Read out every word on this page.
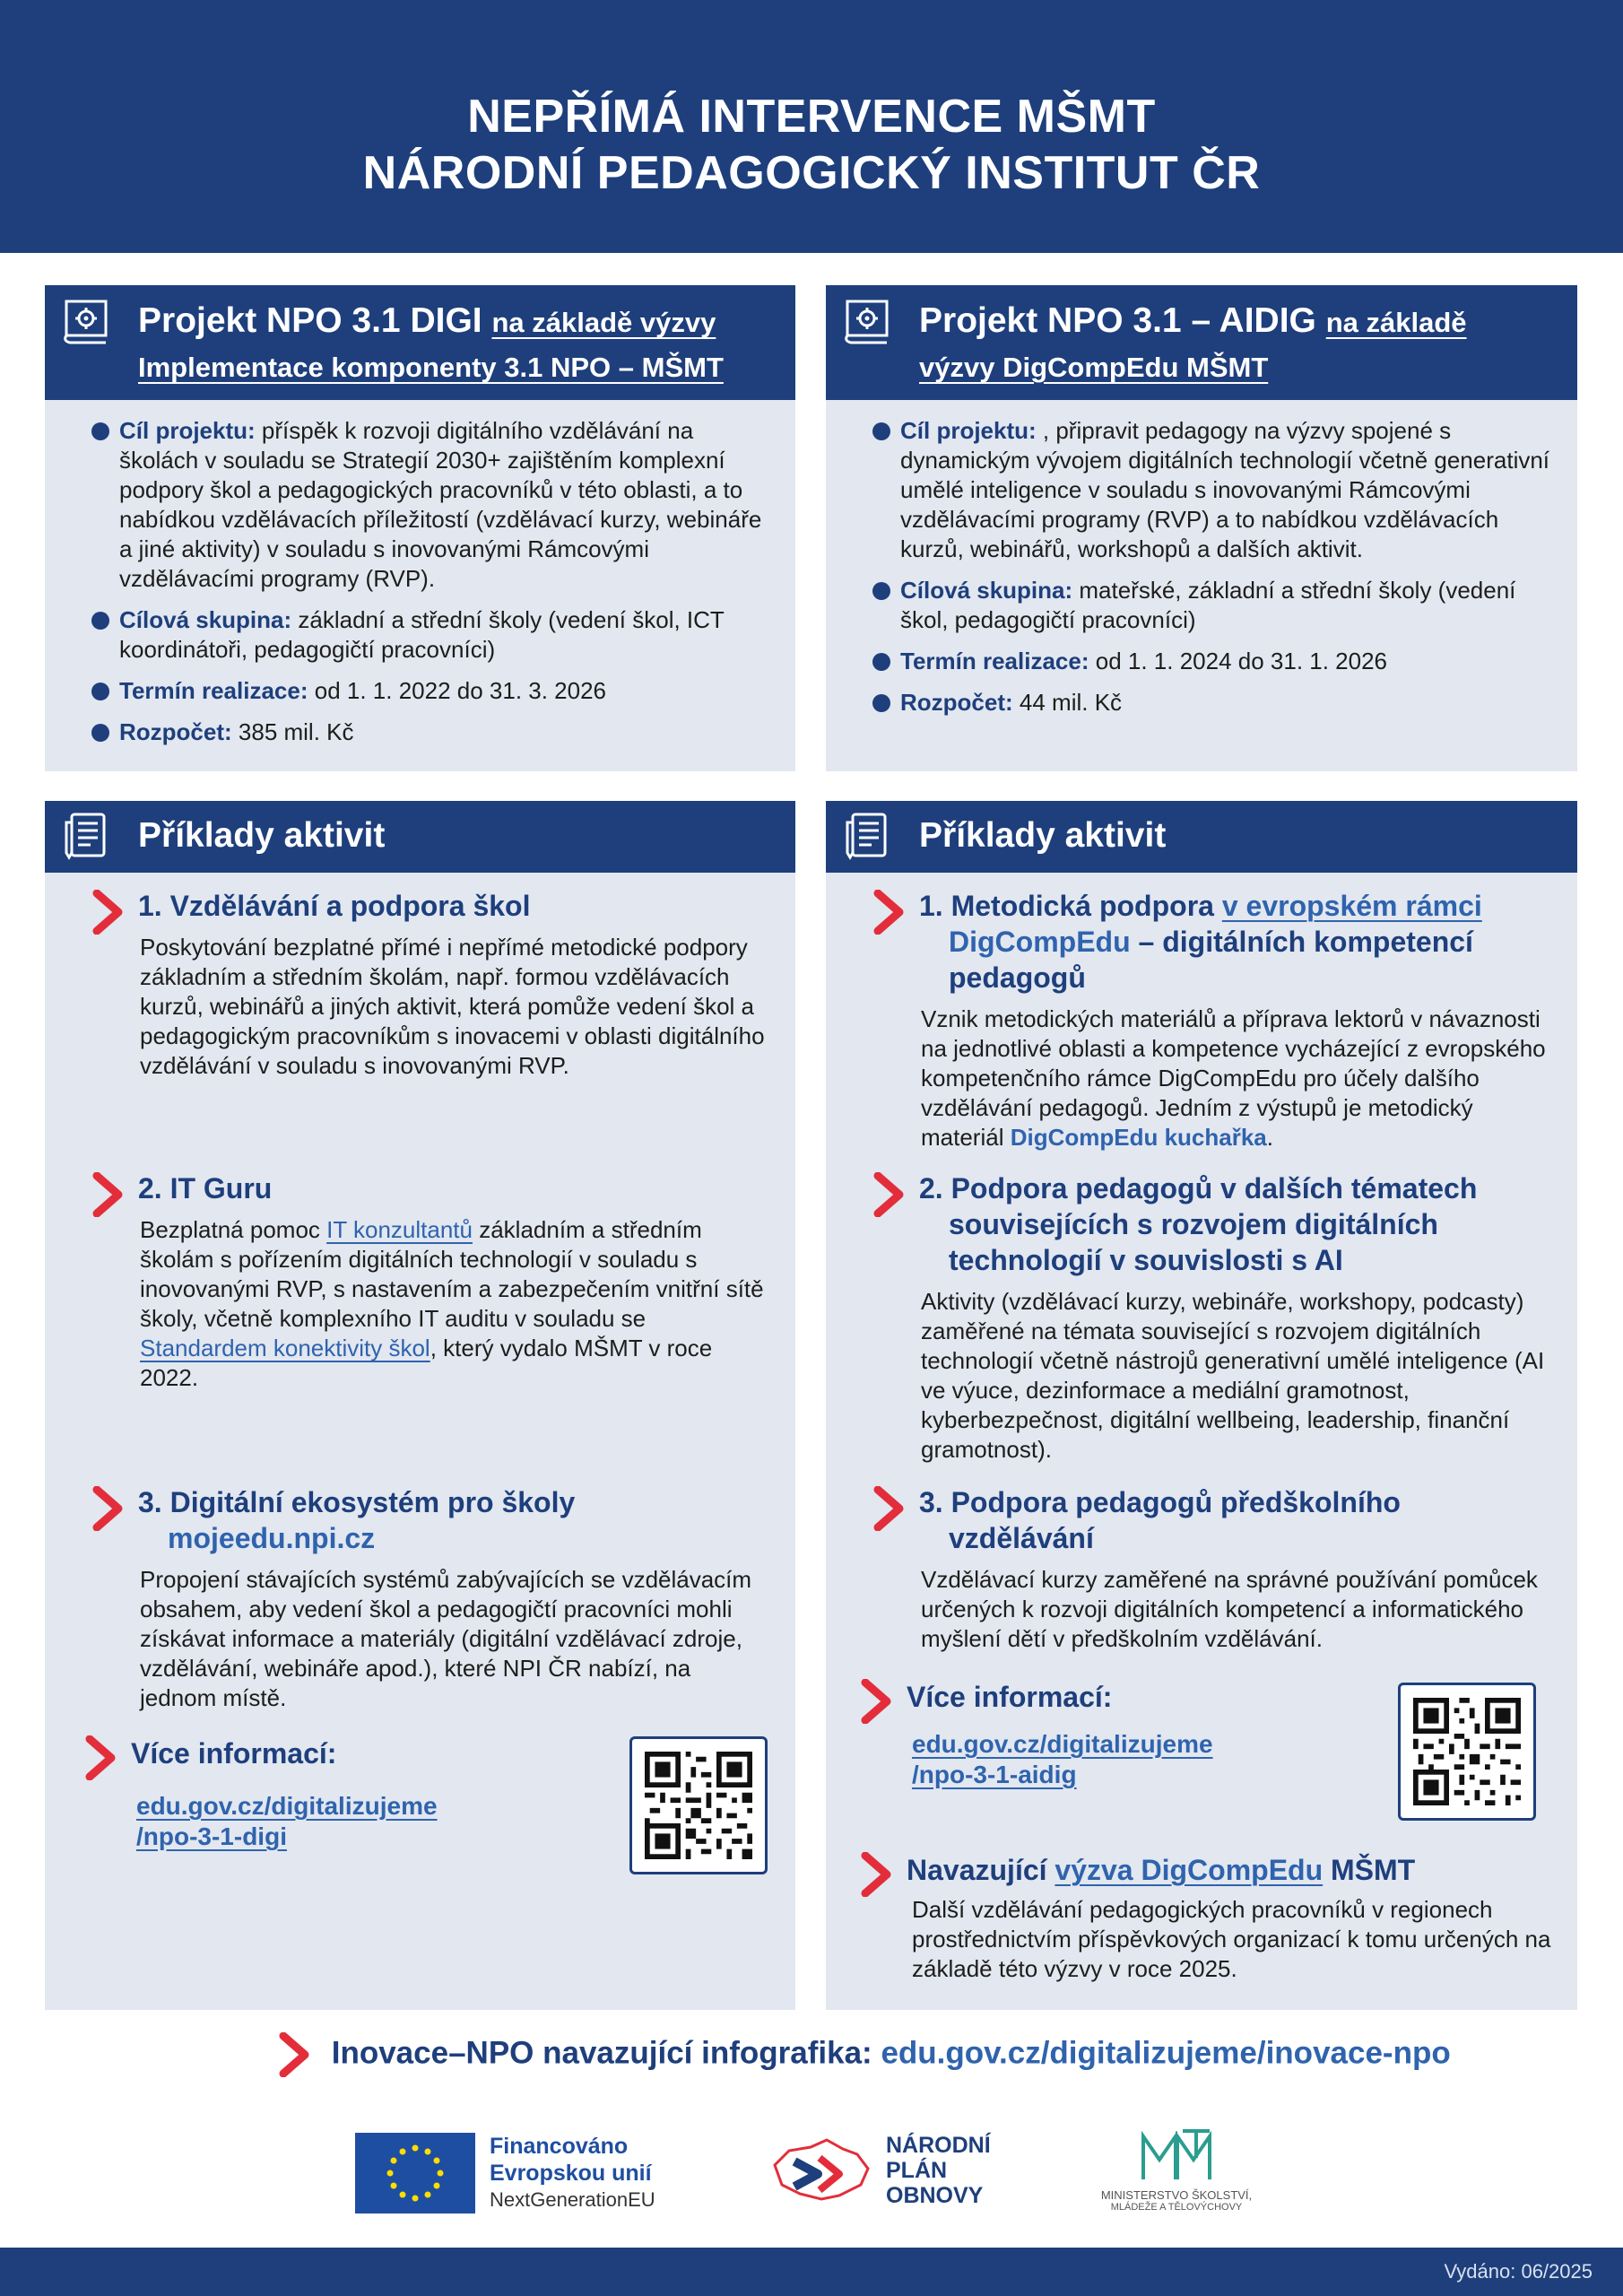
NEPŘÍMÁ INTERVENCE MŠMT
NÁRODNÍ PEDAGOGICKÝ INSTITUT ČR
Projekt NPO 3.1 DIGI na základě výzvy
Implementace komponenty 3.1 NPO – MŠMT
Cíl projektu: příspěk k rozvoji digitálního vzdělávání na školách v souladu se Strategií 2030+ zajištěním komplexní podpory škol a pedagogických pracovníků v této oblasti, a to nabídkou vzdělávacích příležitostí (vzdělávací kurzy, webináře a jiné aktivity) v souladu s inovovanými Rámcovými vzdělávacími programy (RVP).
Cílová skupina: základní a střední školy (vedení škol, ICT koordinátoři, pedagogičtí pracovníci)
Termín realizace: od 1. 1. 2022 do 31. 3. 2026
Rozpočet: 385 mil. Kč
Projekt NPO 3.1 – AIDIG na základě
výzvy DigCompEdu MŠMT
Cíl projektu: , připravit pedagogy na výzvy spojené s dynamickým vývojem digitálních technologií včetně generativní umělé inteligence v souladu s inovovanými Rámcovými vzdělávacími programy (RVP) a to nabídkou vzdělávacích kurzů, webinářů, workshopů a dalších aktivit.
Cílová skupina: mateřské, základní a střední školy (vedení škol, pedagogičtí pracovníci)
Termín realizace: od 1. 1. 2024 do 31. 1. 2026
Rozpočet: 44 mil. Kč
Příklady aktivit
1. Vzdělávání a podpora škol
Poskytování bezplatné přímé i nepřímé metodické podpory základním a středním školám, např. formou vzdělávacích kurzů, webinářů a jiných aktivit, která pomůže vedení škol a pedagogickým pracovníkům s inovacemi v oblasti digitálního vzdělávání v souladu s inovovanými RVP.
2. IT Guru
Bezplatná pomoc IT konzultantů základním a středním školám s pořízením digitálních technologií v souladu s inovovanými RVP, s nastavením a zabezpečením vnitřní sítě školy, včetně komplexního IT auditu v souladu se Standardem konektivity škol, který vydalo MŠMT v roce 2022.
3. Digitální ekosystém pro školy
mojeedu.npi.cz
Propojení stávajících systémů zabývajících se vzdělávacím obsahem, aby vedení škol a pedagogičtí pracovníci mohli získávat informace a materiály (digitální vzdělávací zdroje, vzdělávání, webináře apod.), které NPI ČR nabízí, na jednom místě.
Více informací:
edu.gov.cz/digitalizujeme
/npo-3-1-digi
Příklady aktivit
1. Metodická podpora v evropském rámci
DigCompEdu – digitálních kompetencí pedagogů
Vznik metodických materiálů a příprava lektorů v návaznosti na jednotlivé oblasti a kompetence vycházející z evropského kompetenčního rámce DigCompEdu pro účely dalšího vzdělávání pedagogů. Jedním z výstupů je metodický materiál DigCompEdu kuchařka.
2. Podpora pedagogů v dalších tématech souvisejících s rozvojem digitálních technologií v souvislosti s AI
Aktivity (vzdělávací kurzy, webináře, workshopy, podcasty) zaměřené na témata související s rozvojem digitálních technologií včetně nástrojů generativní umělé inteligence (AI ve výuce, dezinformace a mediální gramotnost, kyberbezpečnost, digitální wellbeing, leadership, finanční gramotnost).
3. Podpora pedagogů předškolního vzdělávání
Vzdělávací kurzy zaměřené na správné používání pomůcek určených k rozvoji digitálních kompetencí a informatického myšlení dětí v předškolním vzdělávání.
Více informací:
edu.gov.cz/digitalizujeme
/npo-3-1-aidig
Navazující výzva DigCompEdu MŠMT
Další vzdělávání pedagogických pracovníků v regionech prostřednictvím příspěvkových organizací k tomu určených na základě této výzvy v roce 2025.
Inovace–NPO navazující infografika: edu.gov.cz/digitalizujeme/inovace-npo
Financováno
Evropskou unií
NextGenerationEU
NÁRODNÍ
PLÁN
OBNOVY	MINISTERSTVO ŠKOLSTVÍ,
MLÁDEŽE A TĚLOVÝCHOVY
Vydáno: 06/2025
